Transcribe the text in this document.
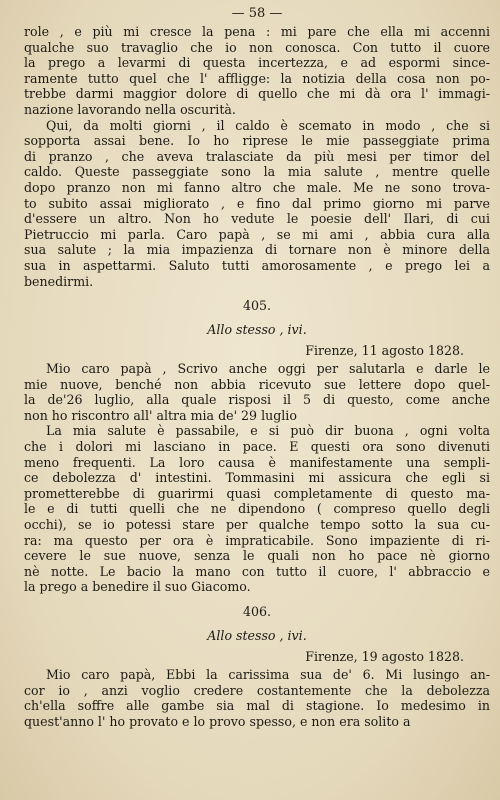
— 58 —
role , e più mi cresce la pena : mi pare che ella mi accenni
qualche suo travaglio che io non conosca. Con tutto il cuore
la prego a levarmi di questa incertezza, e ad espormi since-
ramente tutto quel che l' affligge: la notizia della cosa non po-
trebbe darmi maggior dolore di quello che mi dà ora l' immagi-
nazione lavorando nella oscurità.
Qui, da molti giorni , il caldo è scemato in modo , che si
sopporta assai bene. Io ho riprese le mie passeggiate prima
di pranzo , che aveva tralasciate da più mesi per timor del
caldo. Queste passeggiate sono la mia salute , mentre quelle
dopo pranzo non mi fanno altro che male. Me ne sono trova-
to subito assai migliorato , e fino dal primo giorno mi parve
d'essere un altro. Non ho vedute le poesie dell' Ilari, di cui
Pietruccio mi parla. Caro papà , se mi ami , abbia cura alla
sua salute ; la mia impazienza di tornare non è minore della
sua in aspettarmi. Saluto tutti amorosamente , e prego lei a
benedirmi.
405.
Allo stesso , ivi.
Firenze, 11 agosto 1828.
Mio caro papà , Scrivo anche oggi per salutarla e darle le
mie nuove, benché non abbia ricevuto sue lettere dopo quel-
la de'26 luglio, alla quale risposi il 5 di questo, come anche
non ho riscontro all' altra mia de' 29 luglio
La mia salute è passabile, e si può dir buona , ogni volta
che i dolori mi lasciano in pace. E questi ora sono divenuti
meno frequenti. La loro causa è manifestamente una sempli-
ce debolezza d' intestini. Tommasini mi assicura che egli si
prometterebbe di guarirmi quasi completamente di questo ma-
le e di tutti quelli che ne dipendono ( compreso quello degli
occhi), se io potessi stare per qualche tempo sotto la sua cu-
ra: ma questo per ora è impraticabile. Sono impaziente di ri-
cevere le sue nuove, senza le quali non ho pace nè giorno
nè notte. Le bacio la mano con tutto il cuore, l' abbraccio e
la prego a benedire il suo Giacomo.
406.
Allo stesso , ivi.
Firenze, 19 agosto 1828.
Mio caro papà, Ebbi la carissima sua de' 6. Mi lusingo an-
cor io , anzi voglio credere costantemente che la debolezza
ch'ella soffre alle gambe sia mal di stagione. Io medesimo in
quest'anno l' ho provato e lo provo spesso, e non era solito a
